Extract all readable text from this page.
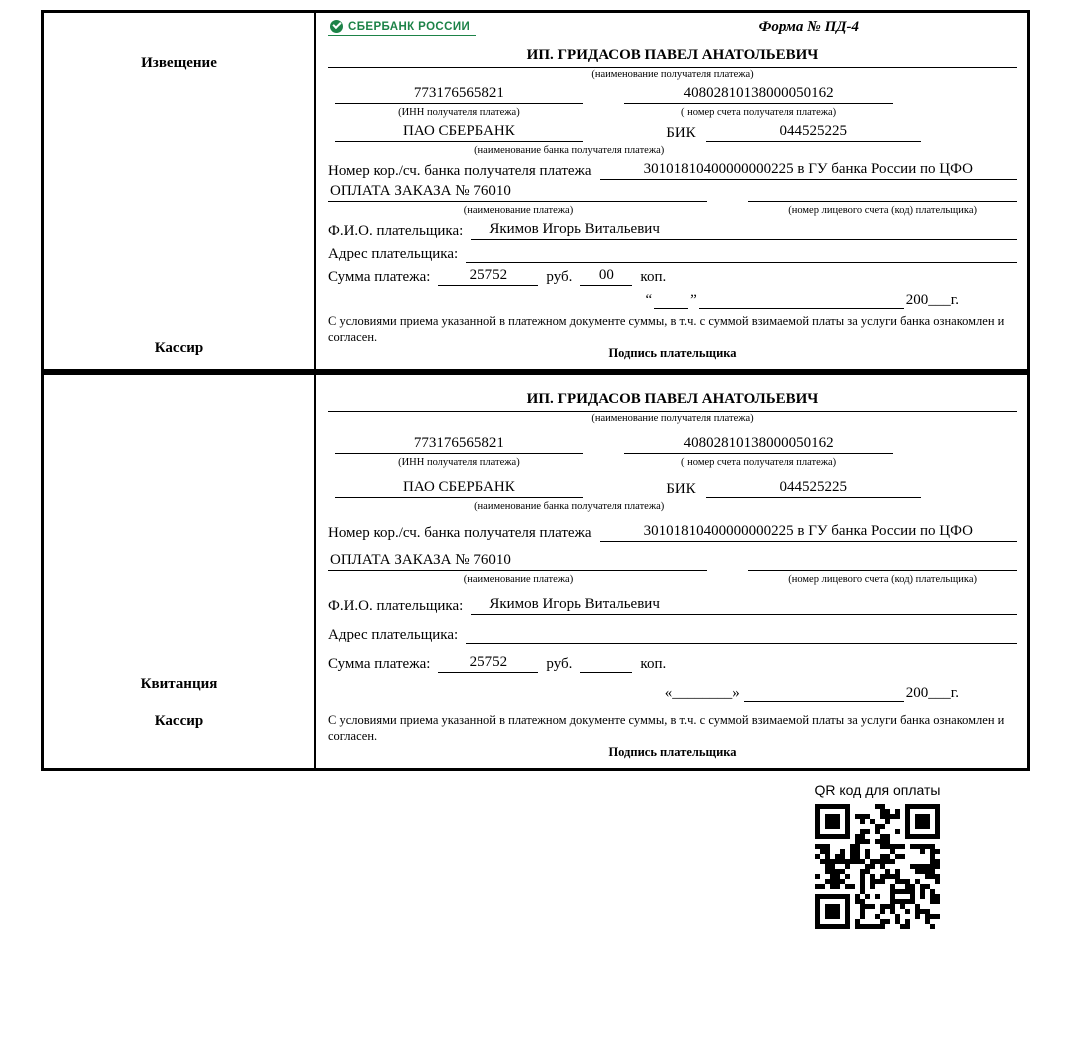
Извещение
Кассир
СБЕРБАНК РОССИИ	Форма № ПД-4
ИП. ГРИДАСОВ ПАВЕЛ АНАТОЛЬЕВИЧ
(наименование получателя платежа)
773176565821	40802810138000050162
(ИНН получателя платежа)	( номер счета получателя платежа)
ПАО СБЕРБАНК	БИК	044525225
(наименование банка получателя платежа)
Номер кор./сч. банка получателя платежа	30101810400000000225 в ГУ банка России по ЦФО
ОПЛАТА ЗАКАЗА № 76010
(наименование платежа)	(номер лицевого счета (код) плательщика)
Ф.И.О. плательщика:	Якимов Игорь Витальевич
Адрес плательщика:
Сумма платежа:	25752	руб.	00	коп.
“	”	200___г.
С условиями приема указанной в платежном документе суммы, в т.ч. с суммой взимаемой платы за услуги банка ознакомлен и согласен.
Подпись плательщика
Квитанция
Кассир
ИП. ГРИДАСОВ ПАВЕЛ АНАТОЛЬЕВИЧ
(наименование получателя платежа)
773176565821	40802810138000050162
(ИНН получателя платежа)	( номер счета получателя платежа)
ПАО СБЕРБАНК	БИК	044525225
(наименование банка получателя платежа)
Номер кор./сч. банка получателя платежа	30101810400000000225 в ГУ банка России по ЦФО
ОПЛАТА ЗАКАЗА № 76010
(наименование платежа)	(номер лицевого счета (код) плательщика)
Ф.И.О. плательщика:	Якимов Игорь Витальевич
Адрес плательщика:
Сумма платежа:	25752	руб.	коп.
«________»	200___г.
С условиями приема указанной в платежном документе суммы, в т.ч. с суммой взимаемой платы за услуги банка ознакомлен и согласен.
Подпись плательщика
QR код для оплаты
